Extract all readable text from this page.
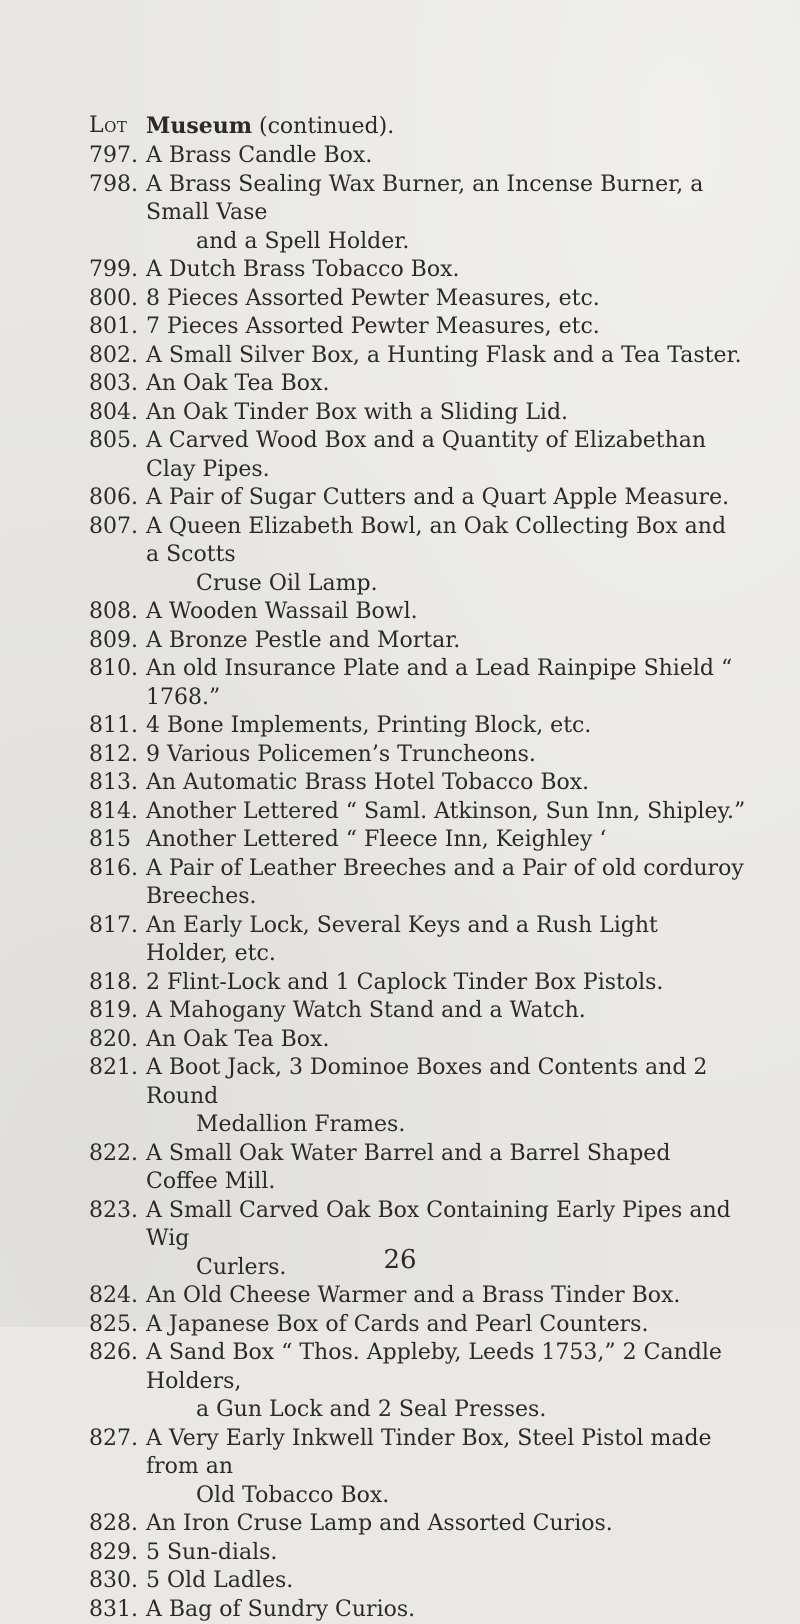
Lot Museum (continued).
797. A Brass Candle Box.
798. A Brass Sealing Wax Burner, an Incense Burner, a Small Vase

and a Spell Holder.
799. A Dutch Brass Tobacco Box.
800. 8 Pieces Assorted Pewter Measures, etc.
801. 7 Pieces Assorted Pewter Measures, etc.
802. A Small Silver Box, a Hunting Flask and a Tea Taster.
803. An Oak Tea Box.
804. An Oak Tinder Box with a Sliding Lid.
805. A Carved Wood Box and a Quantity of Elizabethan Clay Pipes.
806. A Pair of Sugar Cutters and a Quart Apple Measure.
807. A Queen Elizabeth Bowl, an Oak Collecting Box and a Scotts

Cruse Oil Lamp.
808. A Wooden Wassail Bowl.
809. A Bronze Pestle and Mortar.
810. An old Insurance Plate and a Lead Rainpipe Shield “ 1768.”
811. 4 Bone Implements, Printing Block, etc.
812. 9 Various Policemen’s Truncheons.
813. An Automatic Brass Hotel Tobacco Box.
814. Another Lettered “ Saml. Atkinson, Sun Inn, Shipley.”
815 Another Lettered “ Fleece Inn, Keighley ‘
816. A Pair of Leather Breeches and a Pair of old corduroy Breeches.
817. An Early Lock, Several Keys and a Rush Light Holder, etc.
818. 2 Flint-Lock and 1 Caplock Tinder Box Pistols.
819. A Mahogany Watch Stand and a Watch.
820. An Oak Tea Box.
821. A Boot Jack, 3 Dominoe Boxes and Contents and 2 Round

Medallion Frames.
822. A Small Oak Water Barrel and a Barrel Shaped Coffee Mill.
823. A Small Carved Oak Box Containing Early Pipes and Wig

Curlers.
824. An Old Cheese Warmer and a Brass Tinder Box.
825. A Japanese Box of Cards and Pearl Counters.
826. A Sand Box “ Thos. Appleby, Leeds 1753,” 2 Candle Holders,

a Gun Lock and 2 Seal Presses.
827. A Very Early Inkwell Tinder Box, Steel Pistol made from an

Old Tobacco Box.
828. An Iron Cruse Lamp and Assorted Curios.
829. 5 Sun-dials.
830. 5 Old Ladles.
831. A Bag of Sundry Curios.
26
